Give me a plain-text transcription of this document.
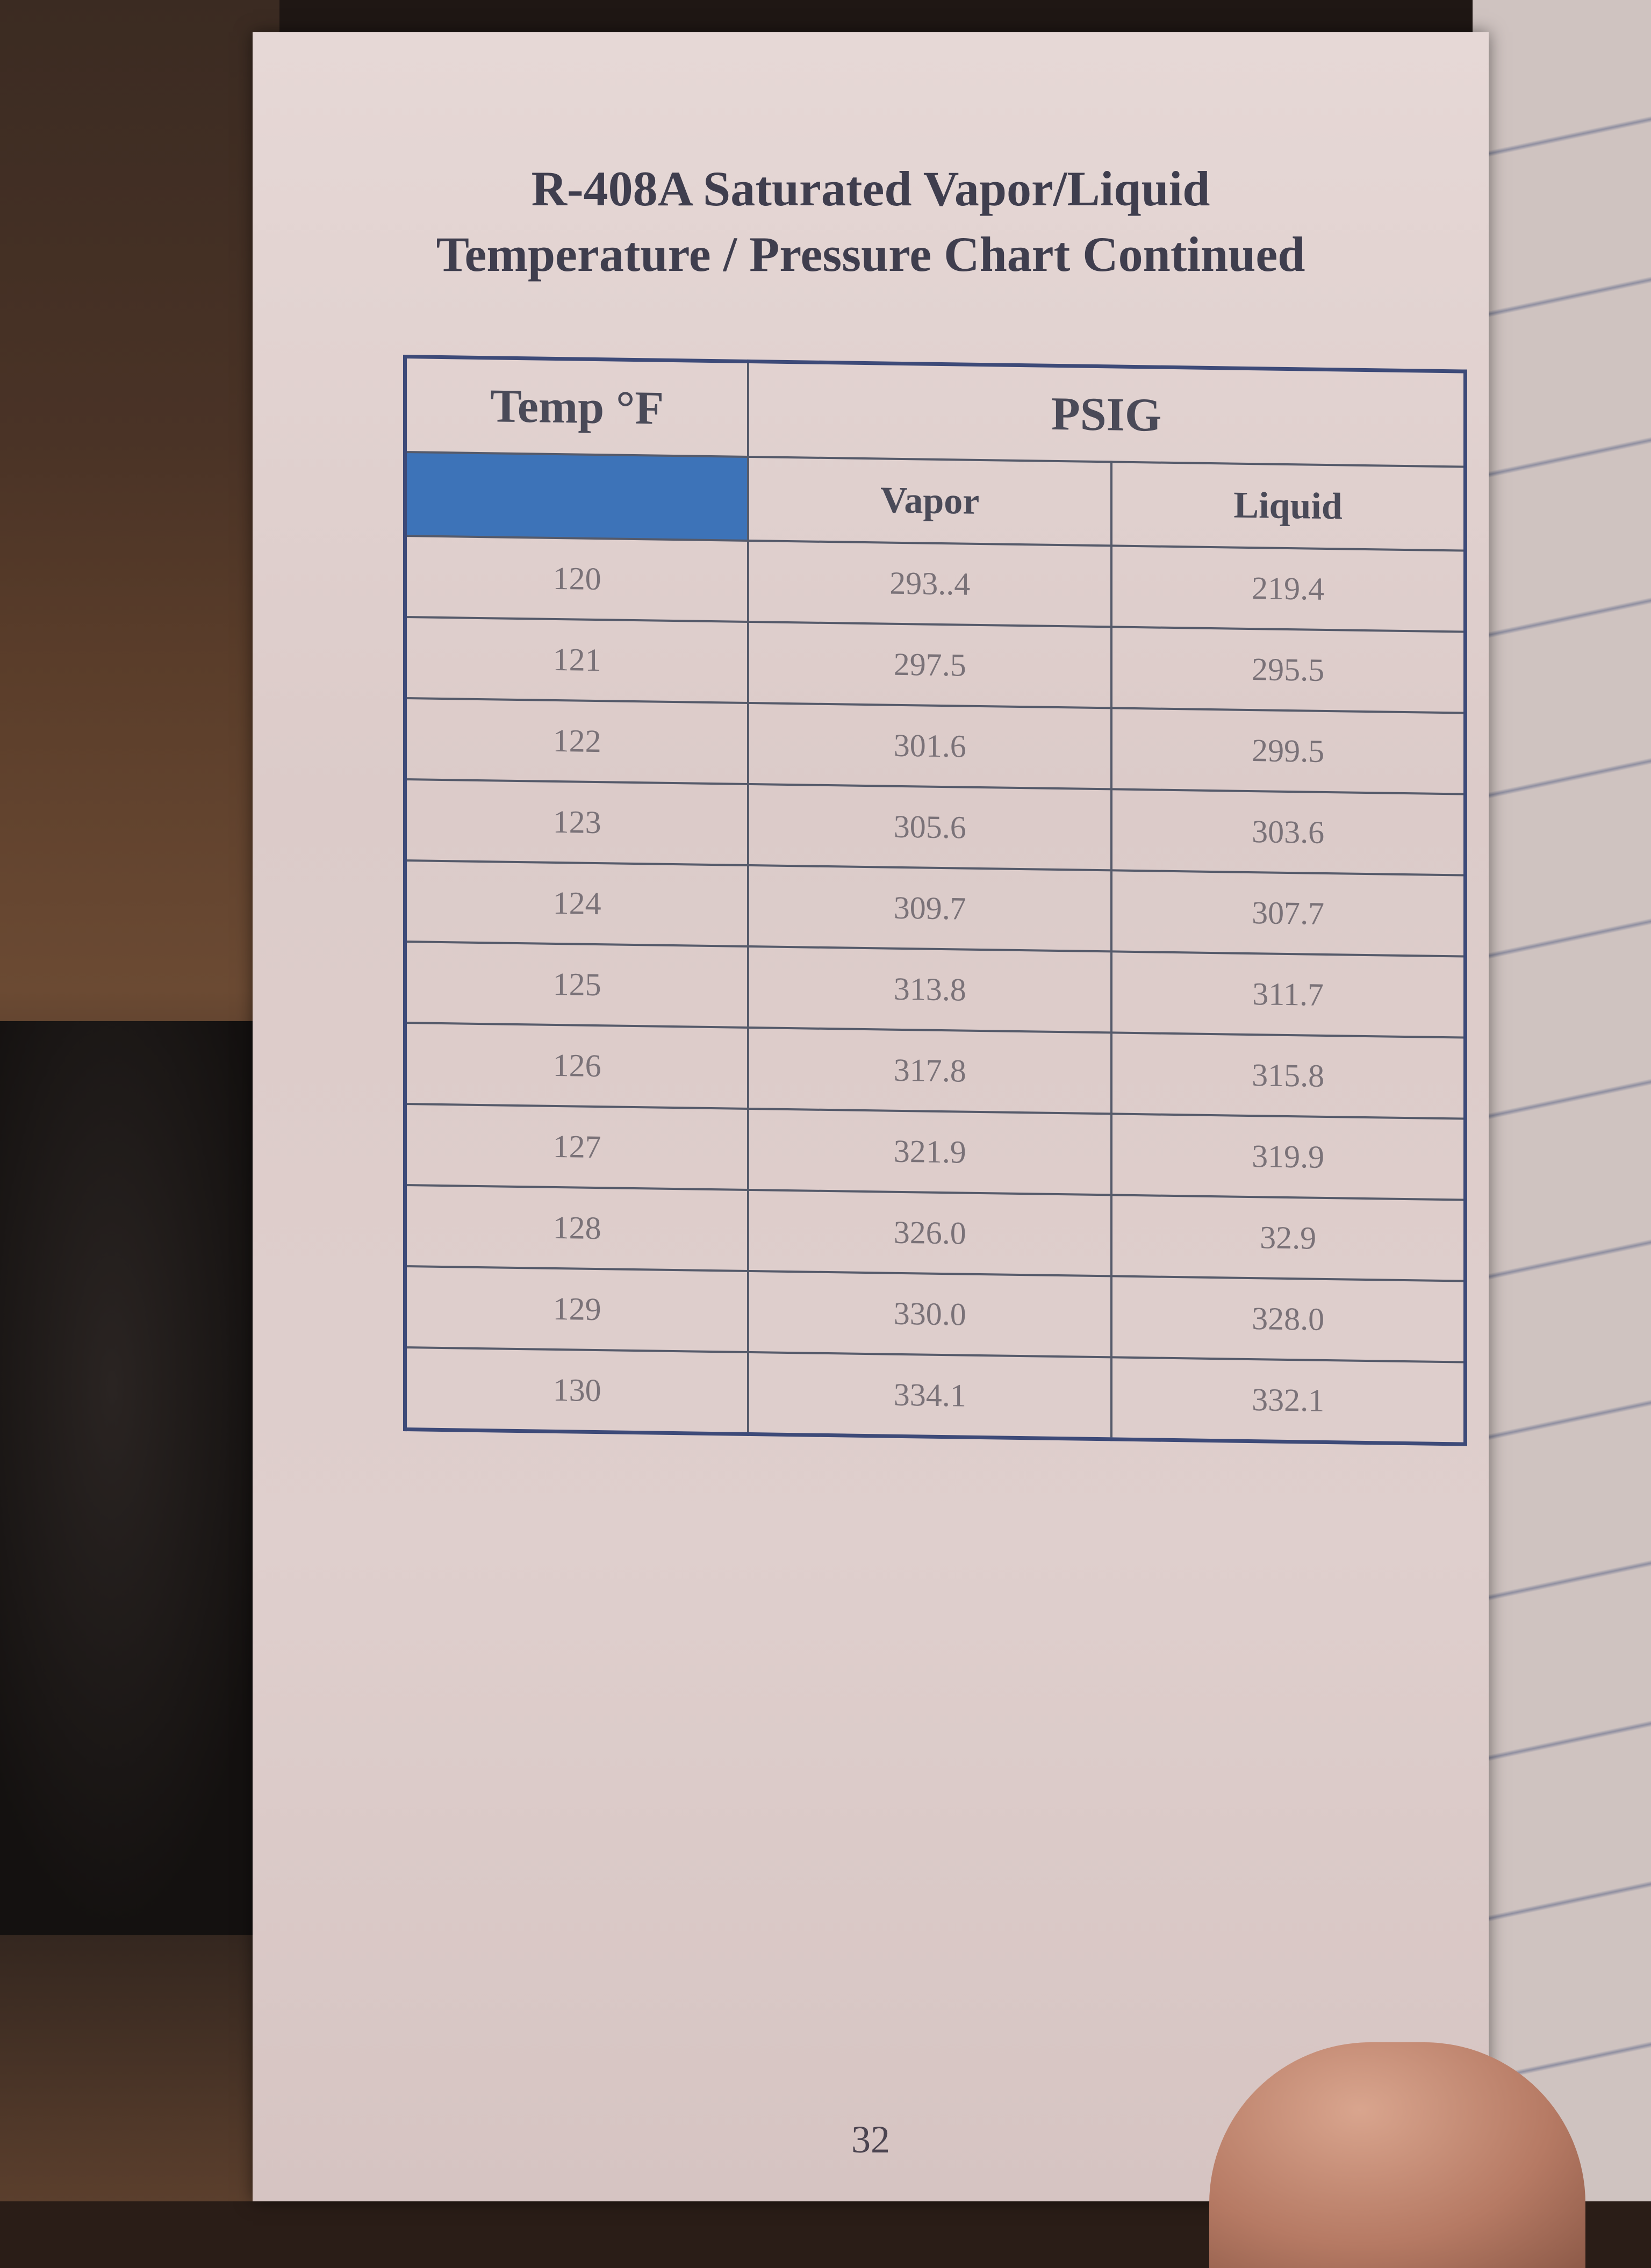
R-408A Saturated Vapor/Liquid
Temperature / Pressure Chart Continued
Temp °F	PSIG	
	Vapor	Liquid
120	293..4	219.4
121	297.5	295.5
122	301.6	299.5
123	305.6	303.6
124	309.7	307.7
125	313.8	311.7
126	317.8	315.8
127	321.9	319.9
128	326.0	32.9
129	330.0	328.0
130	334.1	332.1
32
